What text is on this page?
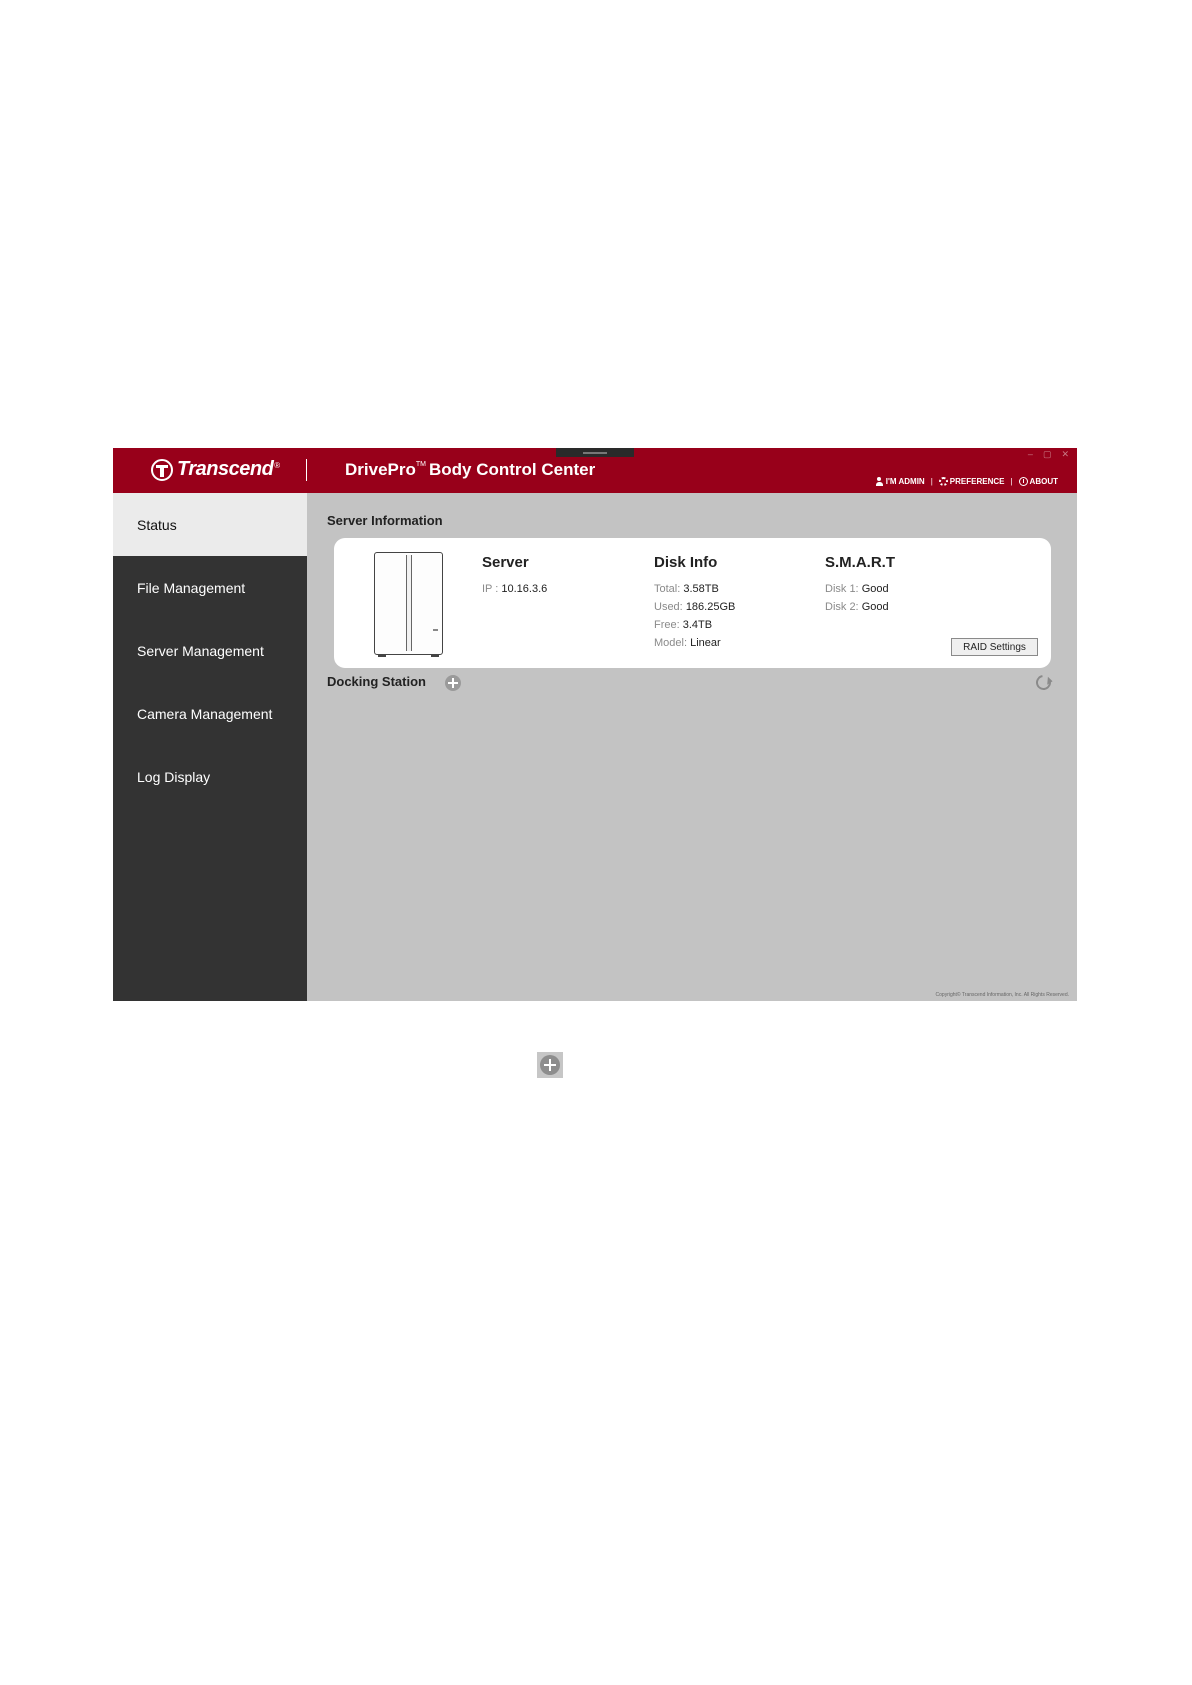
– ▢ ✕
Transcend ®	DrivePro TM Body Control Center
I'M ADMIN | PREFERENCE | ABOUT
Status
File Management
Server Management
Camera Management
Log Display
Server Information
Server
IP : 10.16.3.6
Disk Info
Total: 3.58TB
Used: 186.25GB
Free: 3.4TB
Model: Linear
S.M.A.R.T
Disk 1: Good
Disk 2: Good
RAID Settings
Docking Station
Copyright© Transcend Information, Inc. All Rights Reserved.
